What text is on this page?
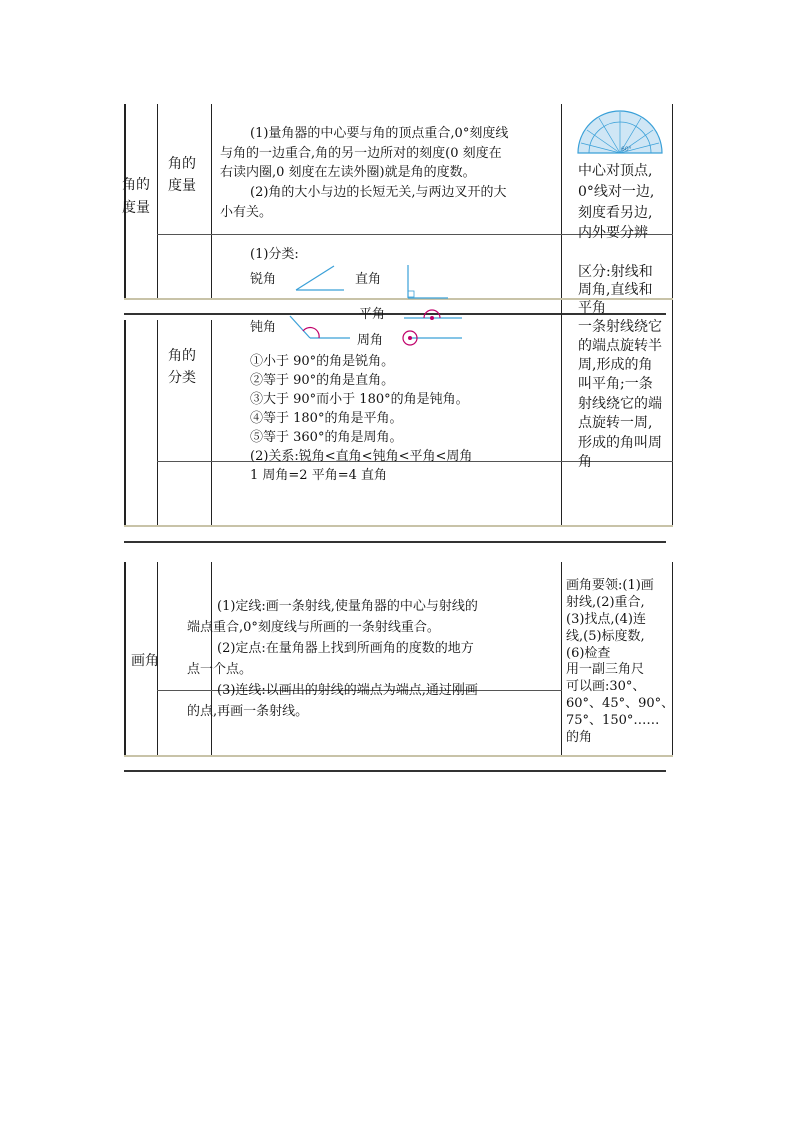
角的
度量
角的
度量
(1)量角器的中心要与角的顶点重合,0°刻度线
与角的一边重合,角的另一边所对的刻度(0 刻度在
右读内圈,0 刻度在左读外圈)就是角的度数。
(2)角的大小与边的长短无关,与两边叉开的大
小有关。
60°
中心对顶点,
0°线对一边,
刻度看另边,
内外要分辨
(1)分类:
锐角	直角
平角
钝角
周角
角的
分类
①小于 90°的角是锐角。
②等于 90°的角是直角。
③大于 90°而小于 180°的角是钝角。
④等于 180°的角是平角。
⑤等于 360°的角是周角。
(2)关系:锐角<直角<钝角<平角<周角
1 周角=2 平角=4 直角
区分:射线和
周角,直线和
平角
一条射线绕它
的端点旋转半
周,形成的角
叫平角;一条
射线绕它的端
点旋转一周,
形成的角叫周
角
画角
(1)定线:画一条射线,使量角器的中心与射线的
端点重合,0°刻度线与所画的一条射线重合。
(2)定点:在量角器上找到所画角的度数的地方
点一个点。
(3)连线:以画出的射线的端点为端点,通过刚画
的点,再画一条射线。
画角要领:(1)画
射线,(2)重合,
(3)找点,(4)连
线,(5)标度数,
(6)检查
用一副三角尺
可以画:30°、
60°、45°、90°、
75°、150°……
的角
